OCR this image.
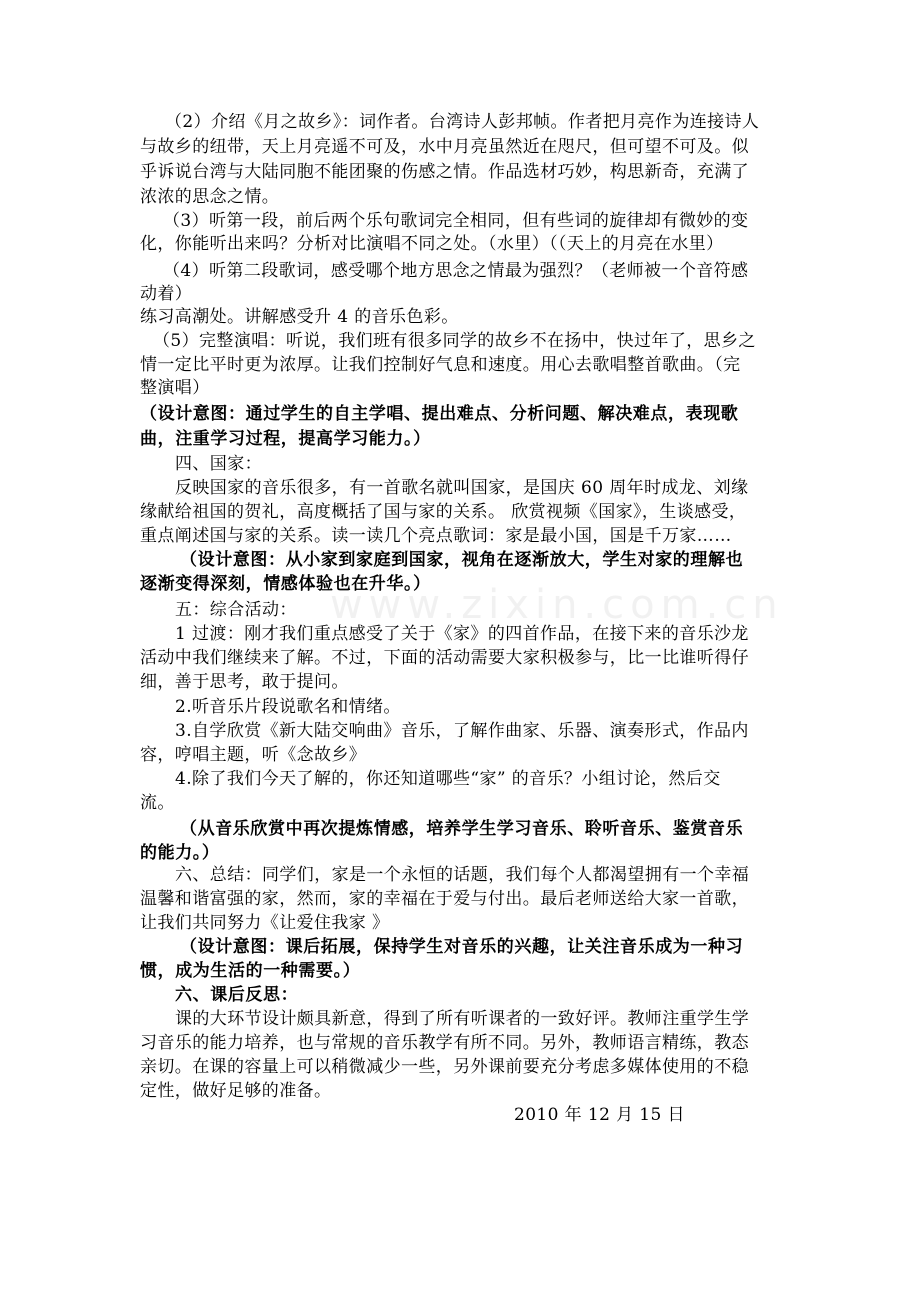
www.zixin.com.cn
（2）介绍《月之故乡》：词作者。台湾诗人彭邦帧。作者把月亮作为连接诗人
与故乡的纽带，天上月亮遥不可及，水中月亮虽然近在咫尺，但可望不可及。似
乎诉说台湾与大陆同胞不能团聚的伤感之情。作品选材巧妙，构思新奇，充满了
浓浓的思念之情。
（3）听第一段，前后两个乐句歌词完全相同，但有些词的旋律却有微妙的变
化，你能听出来吗？分析对比演唱不同之处。（水里）（（天上的月亮在水里）
（4）听第二段歌词，感受哪个地方思念之情最为强烈？（老师被一个音符感
动着）
练习高潮处。讲解感受升 4 的音乐色彩。
（5）完整演唱：听说，我们班有很多同学的故乡不在扬中，快过年了，思乡之
情一定比平时更为浓厚。让我们控制好气息和速度。用心去歌唱整首歌曲。（完
整演唱）
（设计意图：通过学生的自主学唱、提出难点、分析问题、解决难点，表现歌
曲，注重学习过程，提高学习能力。）
四、国家：
反映国家的音乐很多，有一首歌名就叫国家，是国庆 60 周年时成龙、刘缘
缘献给祖国的贺礼，高度概括了国与家的关系。 欣赏视频《国家》，生谈感受，
重点阐述国与家的关系。读一读几个亮点歌词：家是最小国，国是千万家……
（设计意图：从小家到家庭到国家，视角在逐渐放大，学生对家的理解也
逐渐变得深刻，情感体验也在升华。）
五：综合活动：
1 过渡：刚才我们重点感受了关于《家》的四首作品，在接下来的音乐沙龙
活动中我们继续来了解。不过，下面的活动需要大家积极参与，比一比谁听得仔
细，善于思考，敢于提问。
2.听音乐片段说歌名和情绪。
3.自学欣赏《新大陆交响曲》音乐，了解作曲家、乐器、演奏形式，作品内
容，哼唱主题，听《念故乡》
4.除了我们今天了解的，你还知道哪些“家” 的音乐？小组讨论，然后交
流。
（从音乐欣赏中再次提炼情感，培养学生学习音乐、聆听音乐、鉴赏音乐
的能力。）
六、总结：同学们，家是一个永恒的话题，我们每个人都渴望拥有一个幸福
温馨和谐富强的家，然而，家的幸福在于爱与付出。最后老师送给大家一首歌，
让我们共同努力《让爱住我家 》
（设计意图：课后拓展，保持学生对音乐的兴趣，让关注音乐成为一种习
惯，成为生活的一种需要。）
六、课后反思：
课的大环节设计颇具新意，得到了所有听课者的一致好评。教师注重学生学
习音乐的能力培养，也与常规的音乐教学有所不同。另外，教师语言精练，教态
亲切。在课的容量上可以稍微减少一些，另外课前要充分考虑多媒体使用的不稳
定性，做好足够的准备。
2010 年 12 月 15 日
